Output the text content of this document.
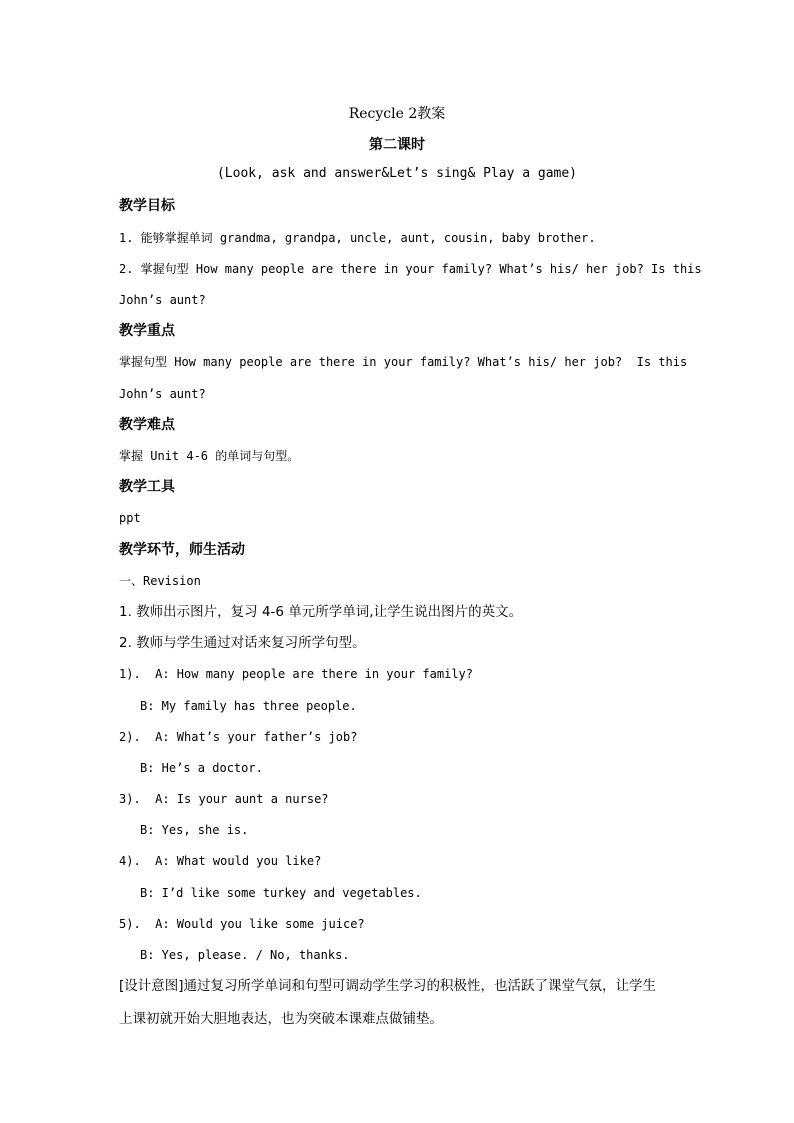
Recycle 2教案
第二课时
(Look, ask and answer&Let’s sing& Play a game)
教学目标
1. 能够掌握单词 grandma, grandpa, uncle, aunt, cousin, baby brother.
2. 掌握句型 How many people are there in your family? What’s his/ her job? Is this
John’s aunt?
教学重点
掌握句型 How many people are there in your family? What’s his/ her job?  Is this
John’s aunt?
教学难点
掌握 Unit 4-6 的单词与句型。
教学工具
ppt
教学环节，师生活动
一、Revision
1. 教师出示图片，复习 4-6 单元所学单词,让学生说出图片的英文。
2. 教师与学生通过对话来复习所学句型。
1).  A: How many people are there in your family?
B: My family has three people.
2).  A: What’s your father’s job?
B: He’s a doctor.
3).  A: Is your aunt a nurse?
B: Yes, she is.
4).  A: What would you like?
B: I’d like some turkey and vegetables.
5).  A: Would you like some juice?
B: Yes, please. / No, thanks.
[设计意图]通过复习所学单词和句型可调动学生学习的积极性，也活跃了课堂气氛，让学生
上课初就开始大胆地表达，也为突破本课难点做铺垫。
